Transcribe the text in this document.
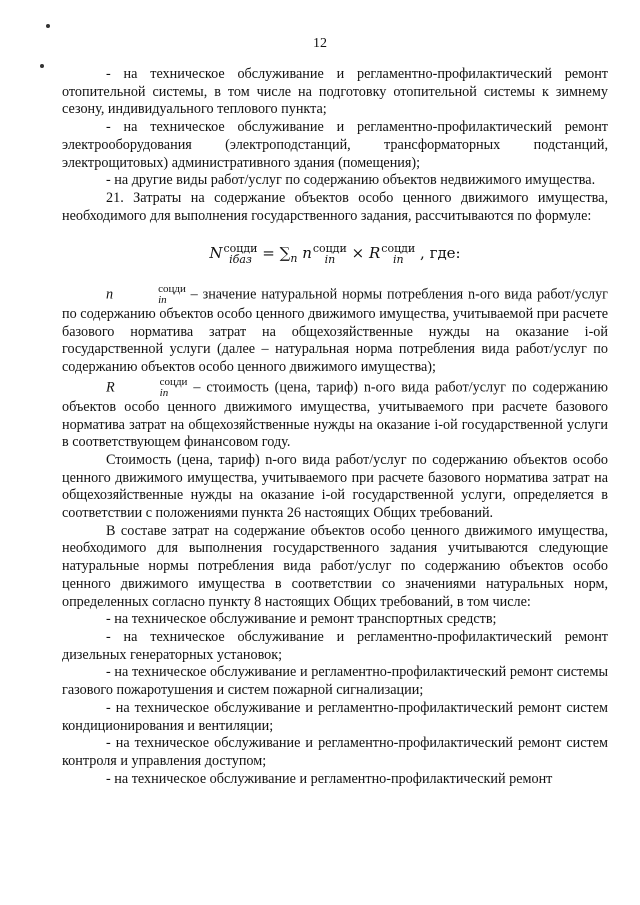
12

- на техническое обслуживание и регламентно-профилактический ремонт отопительной системы, в том числе на подготовку отопительной системы к зимнему сезону, индивидуального теплового пункта;

- на техническое обслуживание и регламентно-профилактический ремонт электрооборудования (электроподстанций, трансформаторных подстанций, электрощитовых) административного здания (помещения);

- на другие виды работ/услуг по содержанию объектов недвижимого имущества.

21. Затраты на содержание объектов особо ценного движимого имущества, необходимого для выполнения государственного задания, рассчитываются по формуле:

N соцди
iбаз = $\sum_n$ n соцди
in	× R соцди
in	, где:

n	соцди
in	– значение натуральной нормы потребления n-ого вида работ/услуг по содержанию объектов особо ценного движимого имущества, учитываемой при расчете базового норматива затрат на общехозяйственные нужды на оказание i-ой государственной услуги (далее – натуральная норма потребления вида работ/услуг по содержанию объектов особо ценного движимого имущества);

R	соцди
in	– стоимость (цена, тариф) n-ого вида работ/услуг по содержанию объектов особо ценного движимого имущества, учитываемого при расчете базового норматива затрат на общехозяйственные нужды на оказание i-ой государственной услуги в соответствующем финансовом году.

Стоимость (цена, тариф) n-ого вида работ/услуг по содержанию объектов особо ценного движимого имущества, учитываемого при расчете базового норматива затрат на общехозяйственные нужды на оказание i-ой государственной услуги, определяется в соответствии с положениями пункта 26 настоящих Общих требований.

В составе затрат на содержание объектов особо ценного движимого имущества, необходимого для выполнения государственного задания учитываются следующие натуральные нормы потребления вида работ/услуг по содержанию объектов особо ценного движимого имущества в соответствии со значениями натуральных норм, определенных согласно пункту 8 настоящих Общих требований, в том числе:

- на техническое обслуживание и ремонт транспортных средств;

- на техническое обслуживание и регламентно-профилактический ремонт дизельных генераторных установок;

- на техническое обслуживание и регламентно-профилактический ремонт системы газового пожаротушения и систем пожарной сигнализации;

- на техническое обслуживание и регламентно-профилактический ремонт систем кондиционирования и вентиляции;

- на техническое обслуживание и регламентно-профилактический ремонт систем контроля и управления доступом;

- на техническое обслуживание и регламентно-профилактический ремонт
